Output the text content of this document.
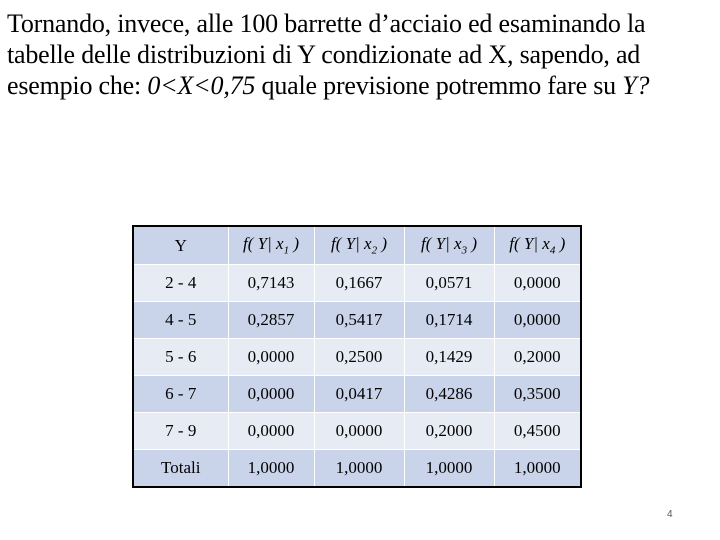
Tornando, invece, alle 100 barrette d’acciaio ed esaminando la
tabelle delle distribuzioni di Y condizionate ad X, sapendo, ad
esempio che: 0<X<0,75 quale previsione potremmo fare su Y?

Y	f( Y| $x_1$ )	f( Y| $x_2$ )	f( Y| $x_3$ )	f( Y| $x_4$ )
2 - 4	0,7143	0,1667	0,0571	0,0000
4 - 5	0,2857	0,5417	0,1714	0,0000
5 - 6	0,0000	0,2500	0,1429	0,2000
6 - 7	0,0000	0,0417	0,4286	0,3500
7 - 9	0,0000	0,0000	0,2000	0,4500
Totali	1,0000	1,0000	1,0000	1,0000
4
